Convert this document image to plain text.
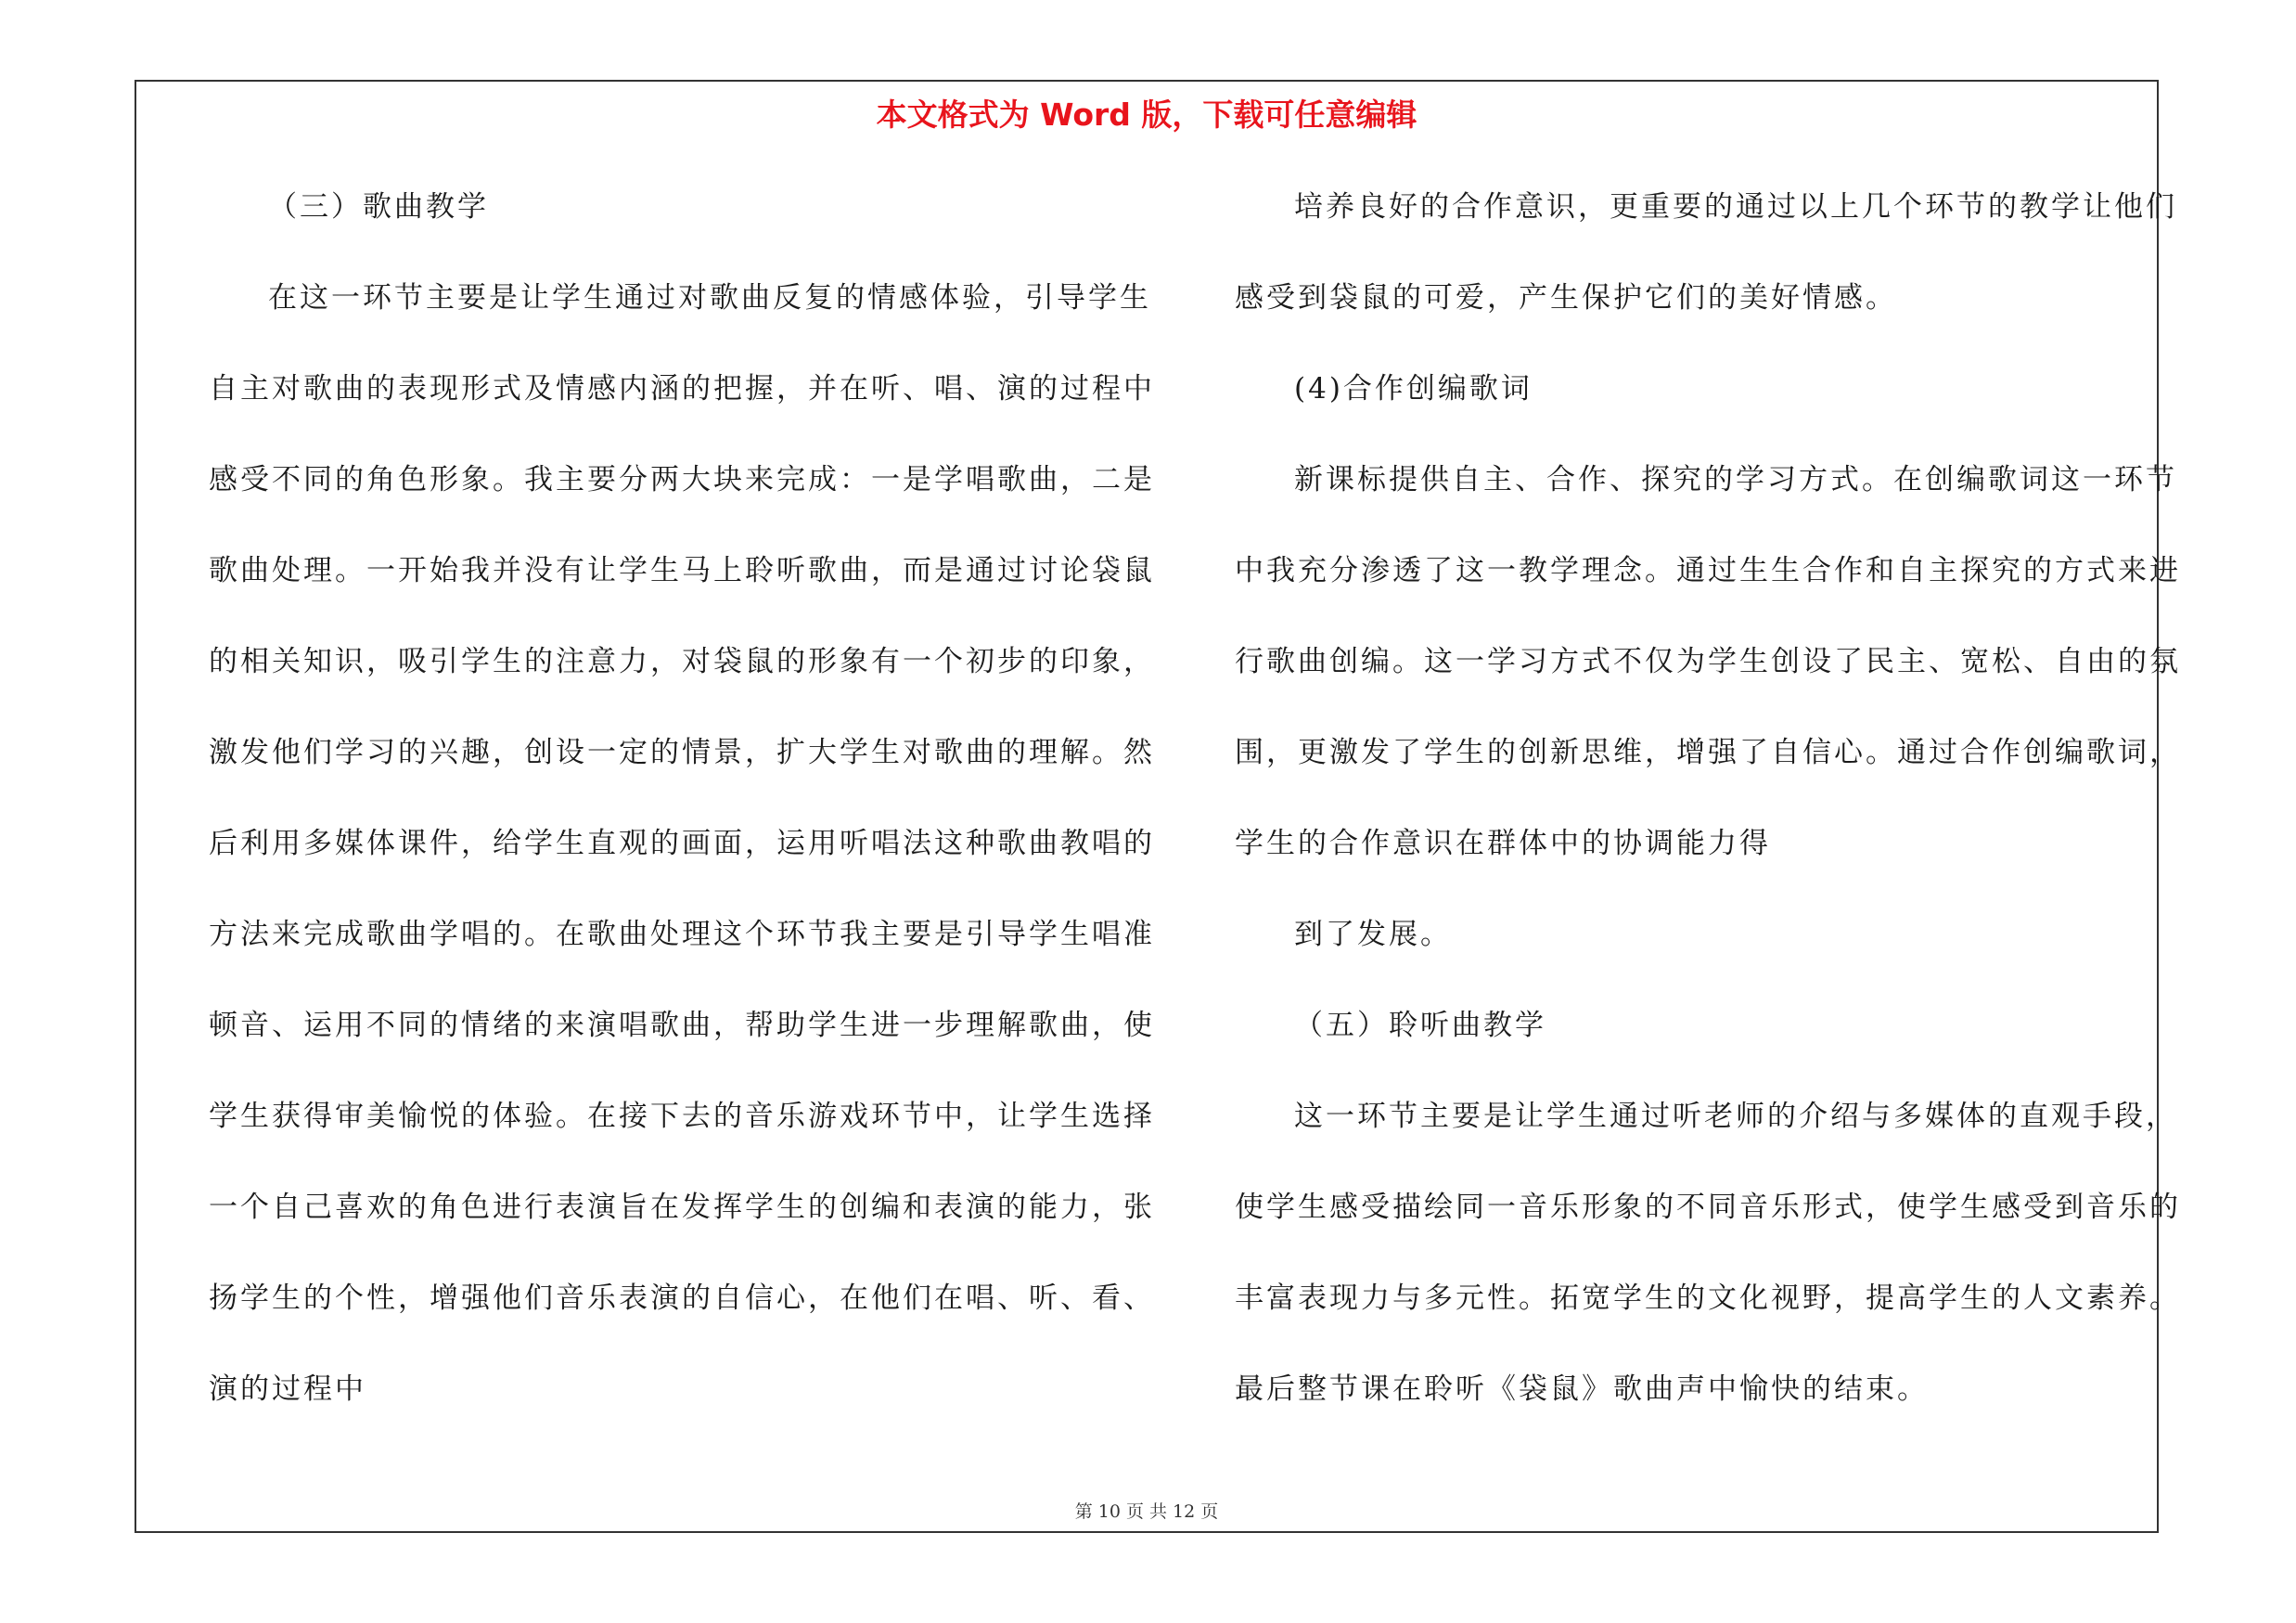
本文格式为 Word 版，下载可任意编辑
（三）歌曲教学
在这一环节主要是让学生通过对歌曲反复的情感体验，引导学生
自主对歌曲的表现形式及情感内涵的把握，并在听、唱、演的过程中
感受不同的角色形象。我主要分两大块来完成：一是学唱歌曲，二是
歌曲处理。一开始我并没有让学生马上聆听歌曲，而是通过讨论袋鼠
的相关知识，吸引学生的注意力，对袋鼠的形象有一个初步的印象，
激发他们学习的兴趣，创设一定的情景，扩大学生对歌曲的理解。然
后利用多媒体课件，给学生直观的画面，运用听唱法这种歌曲教唱的
方法来完成歌曲学唱的。在歌曲处理这个环节我主要是引导学生唱准
顿音、运用不同的情绪的来演唱歌曲，帮助学生进一步理解歌曲，使
学生获得审美愉悦的体验。在接下去的音乐游戏环节中，让学生选择
一个自己喜欢的角色进行表演旨在发挥学生的创编和表演的能力，张
扬学生的个性，增强他们音乐表演的自信心，在他们在唱、听、看、
演的过程中
培养良好的合作意识，更重要的通过以上几个环节的教学让他们
感受到袋鼠的可爱，产生保护它们的美好情感。
(4)合作创编歌词
新课标提供自主、合作、探究的学习方式。在创编歌词这一环节
中我充分渗透了这一教学理念。通过生生合作和自主探究的方式来进
行歌曲创编。这一学习方式不仅为学生创设了民主、宽松、自由的氛
围，更激发了学生的创新思维，增强了自信心。通过合作创编歌词，
学生的合作意识在群体中的协调能力得
到了发展。
（五）聆听曲教学
这一环节主要是让学生通过听老师的介绍与多媒体的直观手段，
使学生感受描绘同一音乐形象的不同音乐形式，使学生感受到音乐的
丰富表现力与多元性。拓宽学生的文化视野，提高学生的人文素养。
最后整节课在聆听《袋鼠》歌曲声中愉快的结束。
第 10 页 共 12 页
